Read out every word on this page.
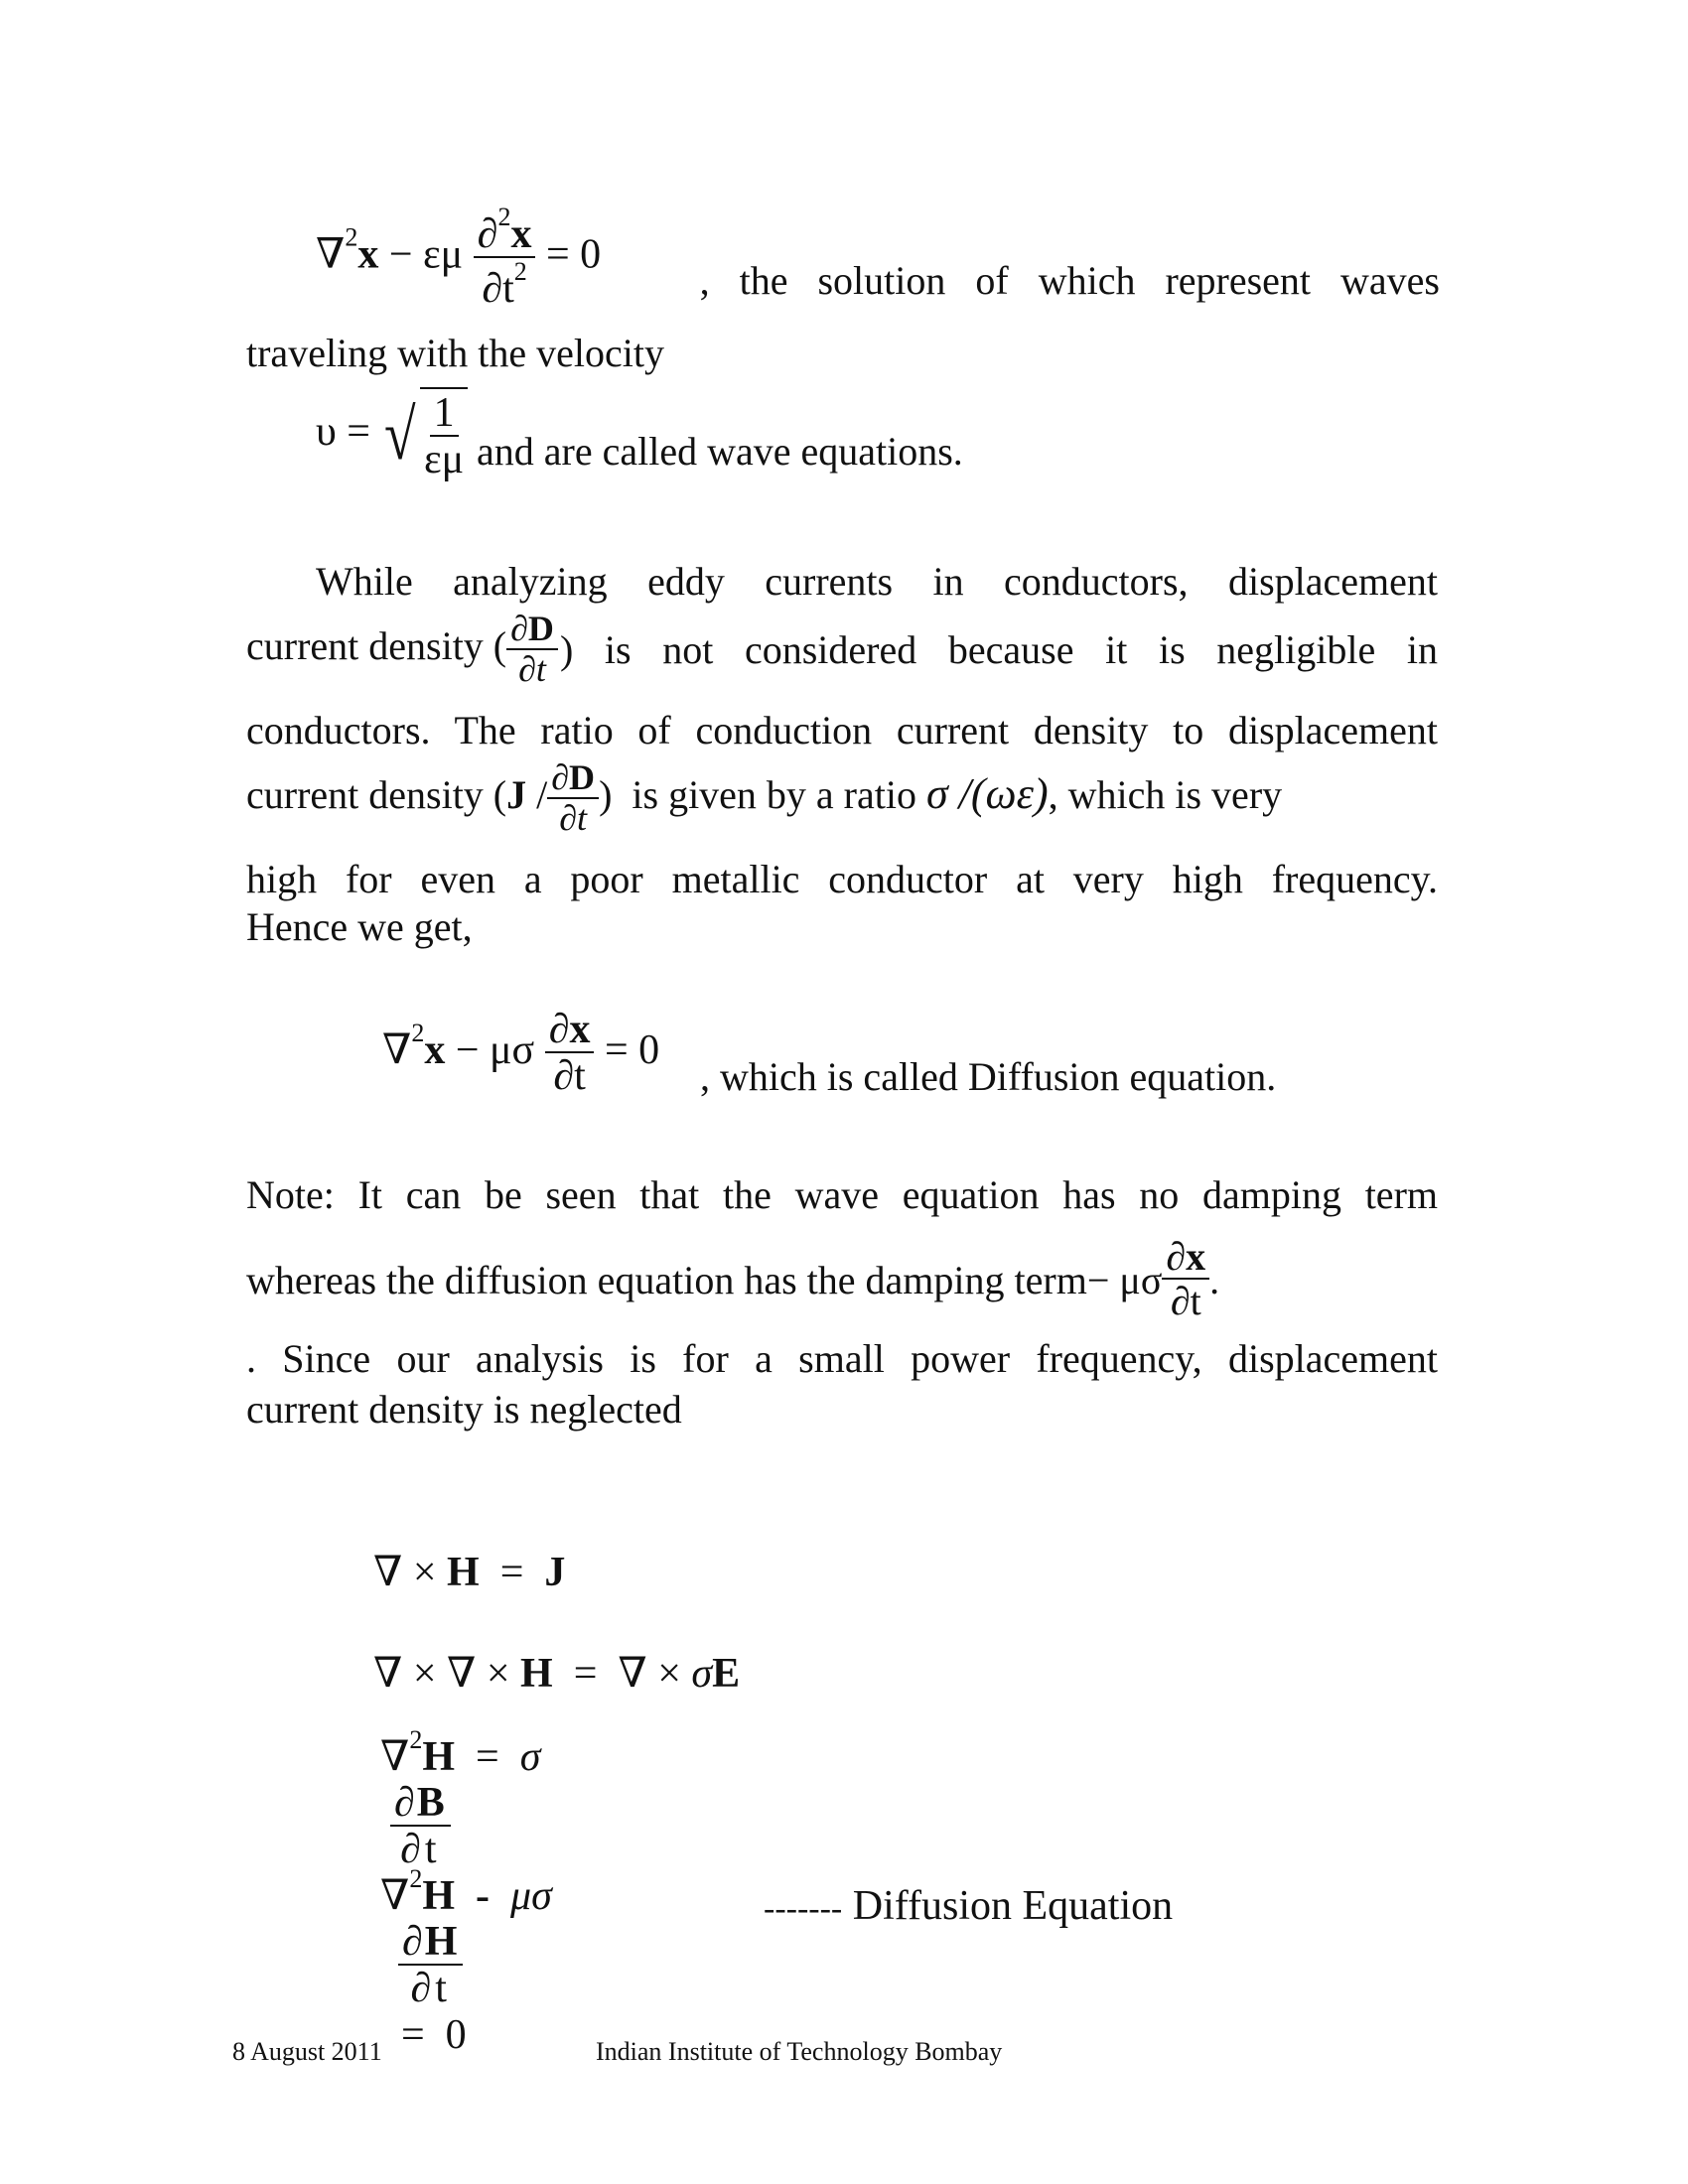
∇$^2$x − εμ $\frac{\partial^2x}{\partial t^2} = 0$
,   the   solution   of   which   represent   waves
traveling with the velocity
υ = √ $\frac{1}{\varepsilon\mu}$ and are called wave equations.
While analyzing eddy currents in conductors, displacement
current density ( $\frac{\partial D}{\partial t}$ ) is not considered because it is negligible in
conductors. The ratio of conduction current density to displacement
current density ($J / \frac{\partial D}{\partial t}$ )  is given by a ratio σ /(ωε), which is very
high for even a poor metallic conductor at very high frequency.
Hence we get,
∇$^2$x − μσ $\frac{\partial x}{\partial t} = 0$
, which is called Diffusion equation.
Note: It can be seen that the wave equation has no damping term
whereas the diffusion equation has the damping term − μσ $\frac{\partial x}{\partial t}$ .
. Since our analysis is for a small power frequency, displacement
current density is neglected

∇ × H  =  J

∇ × ∇ × H  =  ∇ × σE

∇$^2$H  =  σ

$\frac{\partial B}{\partial t}$

∇$^2$H  -  μσ

$\frac{\partial H}{\partial t}$

=  0

------- Diffusion Equation

8 August 2011	Indian Institute of Technology Bombay
